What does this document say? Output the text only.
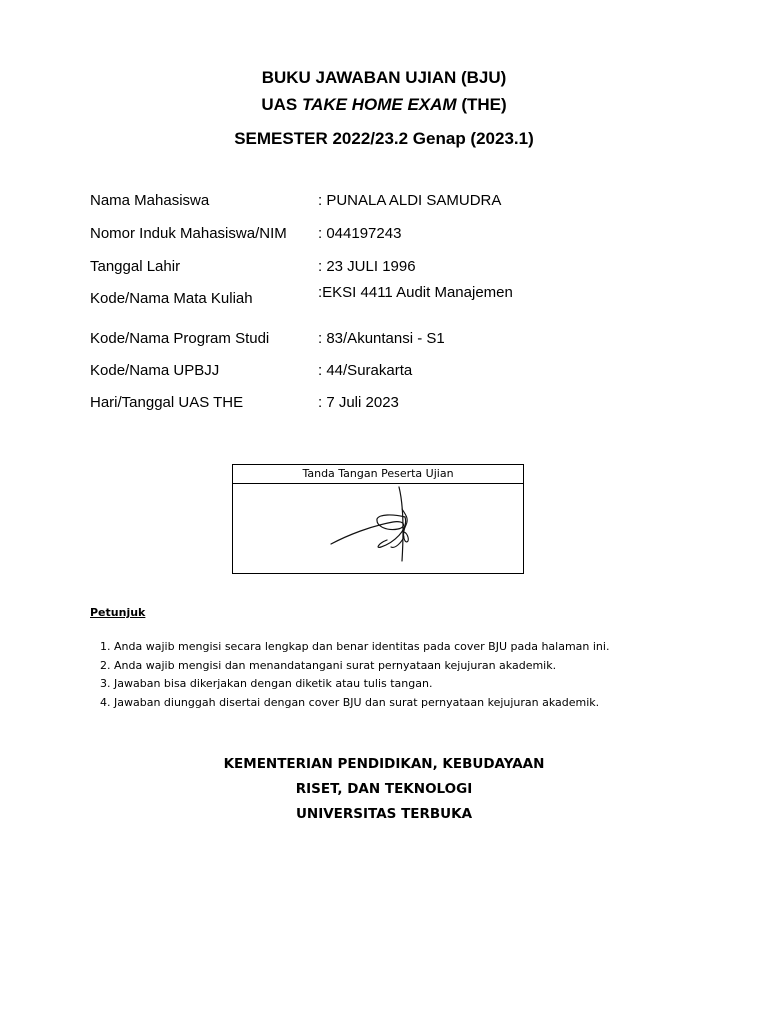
BUKU JAWABAN UJIAN (BJU)
UAS TAKE HOME EXAM (THE)
SEMESTER 2022/23.2 Genap (2023.1)
Nama Mahasiswa	: PUNALA ALDI SAMUDRA
Nomor Induk Mahasiswa/NIM : 044197243
Tanggal Lahir	: 23 JULI 1996
Kode/Nama Mata Kuliah	:EKSI 4411 Audit Manajemen
Kode/Nama Program Studi	: 83/Akuntansi - S1
Kode/Nama UPBJJ	: 44/Surakarta
Hari/Tanggal UAS THE	: 7 Juli 2023
Tanda Tangan Peserta Ujian
Petunjuk
1. Anda wajib mengisi secara lengkap dan benar identitas pada cover BJU pada halaman ini.
2. Anda wajib mengisi dan menandatangani surat pernyataan kejujuran akademik.
3. Jawaban bisa dikerjakan dengan diketik atau tulis tangan.
4. Jawaban diunggah disertai dengan cover BJU dan surat pernyataan kejujuran akademik.
KEMENTERIAN PENDIDIKAN, KEBUDAYAAN
RISET, DAN TEKNOLOGI
UNIVERSITAS TERBUKA
